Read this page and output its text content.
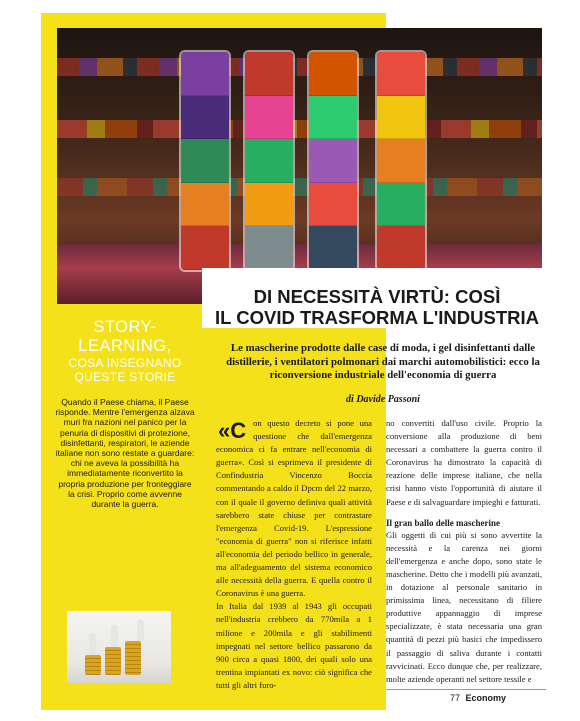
DI NECESSITÀ VIRTÙ: COSÌ
IL COVID TRASFORMA L'INDUSTRIA

Le mascherine prodotte dalle case di moda, i gel disinfettanti dalle distillerie, i ventilatori polmonari dai marchi automobilistici: ecco la riconversione industriale dell'economia di guerra

di Davide Passoni

STORY-
LEARNING,
COSA INSEGNANO
QUESTE STORIE

Quando il Paese chiama, il Paese risponde. Mentre l'emergenza alzava muri fra nazioni nel panico per la penuria di dispositivi di protezione, disinfettanti, respiratori, le aziende italiane non sono restate a guardare: chi ne aveva la possibilità ha immediatamente riconvertito la propria produzione per fronteggiare la crisi. Proprio come avvenne durante la guerra.

«C on questo decreto si pone una questione che dall'emergenza economica ci fa entrare nell'economia di guerra». Così si esprimeva il presidente di Confindustria Vincenzo Boccia commentando a caldo il Dpcm del 22 marzo, con il quale il governo definiva quali attività sarebbero state chiuse per contrastare l'emergenza Covid-19. L'espressione "economia di guerra" non si riferisce infatti all'economia del periodo bellico in generale, ma all'adeguamento del sistema economico alle necessità della guerra. E quella contro il Coronavirus è una guerra.

In Italia dal 1939 al 1943 gli occupati nell'industria crebbero da 770mila a 1 milione e 200mila e gli stabilimenti impegnati nel settore bellico passarono da 900 circa a quasi 1800, dei quali solo una trentina impiantati ex novo: ciò significa che tutti gli altri furo-

no convertiti dall'uso civile. Proprio la conversione alla produzione di beni necessari a combattere la guerra contro il Coronavirus ha dimostrato la capacità di reazione delle imprese italiane, che nella crisi hanno visto l'opportunità di aiutare il Paese e di salvaguardare impieghi e fatturati.

Il gran ballo delle mascherine

Gli oggetti di cui più si sono avvertite la necessità e la carenza nei giorni dell'emergenza e anche dopo, sono state le mascherine. Detto che i modelli più avanzati, in dotazione al personale sanitario in primissima linea, necessitano di filiere produttive appannaggio di imprese specializzate, è stata necessaria una gran quantità di pezzi più basici che impedissero il passaggio di saliva durante i contatti ravvicinati. Ecco dunque che, per realizzare, molte aziende operanti nel settore tessile e

77 Economy
